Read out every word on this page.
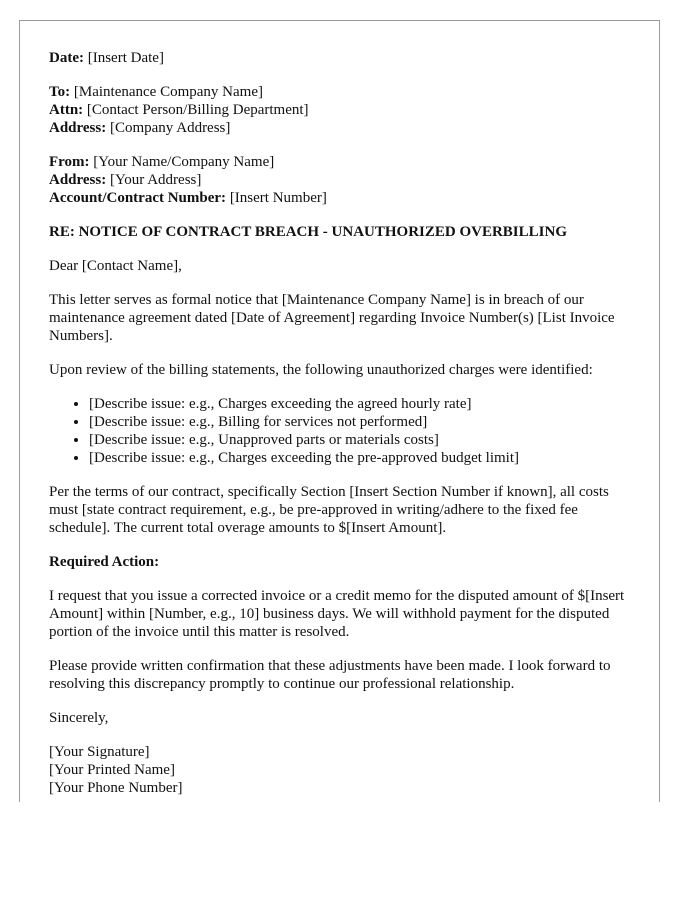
Date: [Insert Date]
To: [Maintenance Company Name]
Attn: [Contact Person/Billing Department]
Address: [Company Address]
From: [Your Name/Company Name]
Address: [Your Address]
Account/Contract Number: [Insert Number]
RE: NOTICE OF CONTRACT BREACH - UNAUTHORIZED OVERBILLING

Dear [Contact Name],

This letter serves as formal notice that [Maintenance Company Name] is in breach of our maintenance agreement dated [Date of Agreement] regarding Invoice Number(s) [List Invoice Numbers].

Upon review of the billing statements, the following unauthorized charges were identified:

• [Describe issue: e.g., Charges exceeding the agreed hourly rate]
• [Describe issue: e.g., Billing for services not performed]
• [Describe issue: e.g., Unapproved parts or materials costs]
• [Describe issue: e.g., Charges exceeding the pre-approved budget limit]

Per the terms of our contract, specifically Section [Insert Section Number if known], all costs must [state contract requirement, e.g., be pre-approved in writing/adhere to the fixed fee schedule]. The current total overage amounts to $[Insert Amount].

Required Action:

I request that you issue a corrected invoice or a credit memo for the disputed amount of $[Insert Amount] within [Number, e.g., 10] business days. We will withhold payment for the disputed portion of the invoice until this matter is resolved.

Please provide written confirmation that these adjustments have been made. I look forward to resolving this discrepancy promptly to continue our professional relationship.

Sincerely,

[Your Signature]
[Your Printed Name]
[Your Phone Number]
